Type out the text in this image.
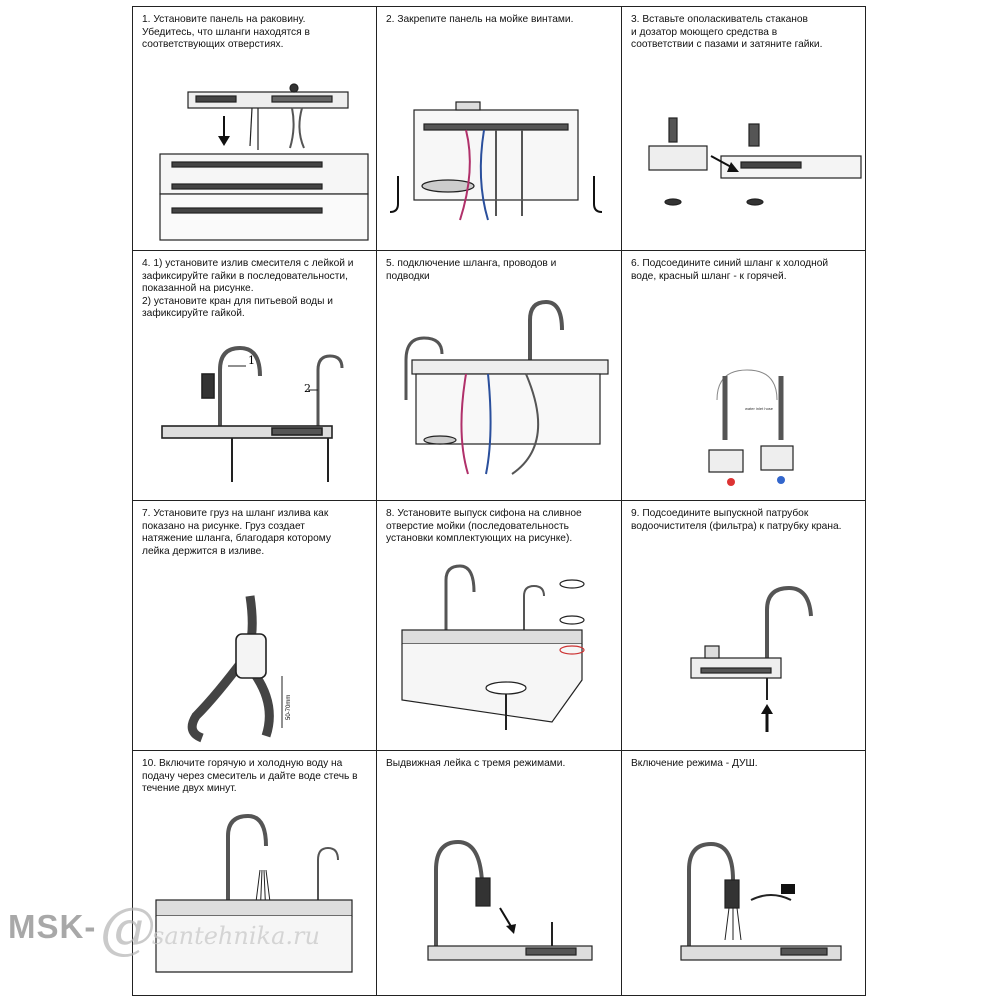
1. Установите панель на раковину.
Убедитесь, что шланги находятся в
соответствующих отверстиях.
2. Закрепите панель на мойке винтами.	3. Вставьте ополаскиватель стаканов
и дозатор моющего средства в
соответствии с пазами и затяните гайки.
4. 1) установите излив смесителя с лейкой и
зафиксируйте гайки в последовательности,
показанной на рисунке.
2) установите кран для питьевой воды и
зафиксируйте гайкой.
1
2
5. подключение шланга, проводов и
подводки
6. Подсоедините синий шланг к холодной
воде, красный шланг - к горячей.
water inlet hose
7. Установите груз на шланг излива как
показано на рисунке. Груз создает
натяжение шланга, благодаря которому
лейка держится в изливе.
50-70mm
8. Установите выпуск сифона на сливное
отверстие мойки (последовательность
установки комплектующих на рисунке).
9. Подсоедините выпускной патрубок
водоочистителя (фильтра) к патрубку крана.
10. Включите горячую и холодную воду на
подачу через смеситель и дайте воде стечь в
течение двух минут.
Выдвижная лейка с тремя режимами.	Включение режима - ДУШ.
MSK- @
santehnika.ru
